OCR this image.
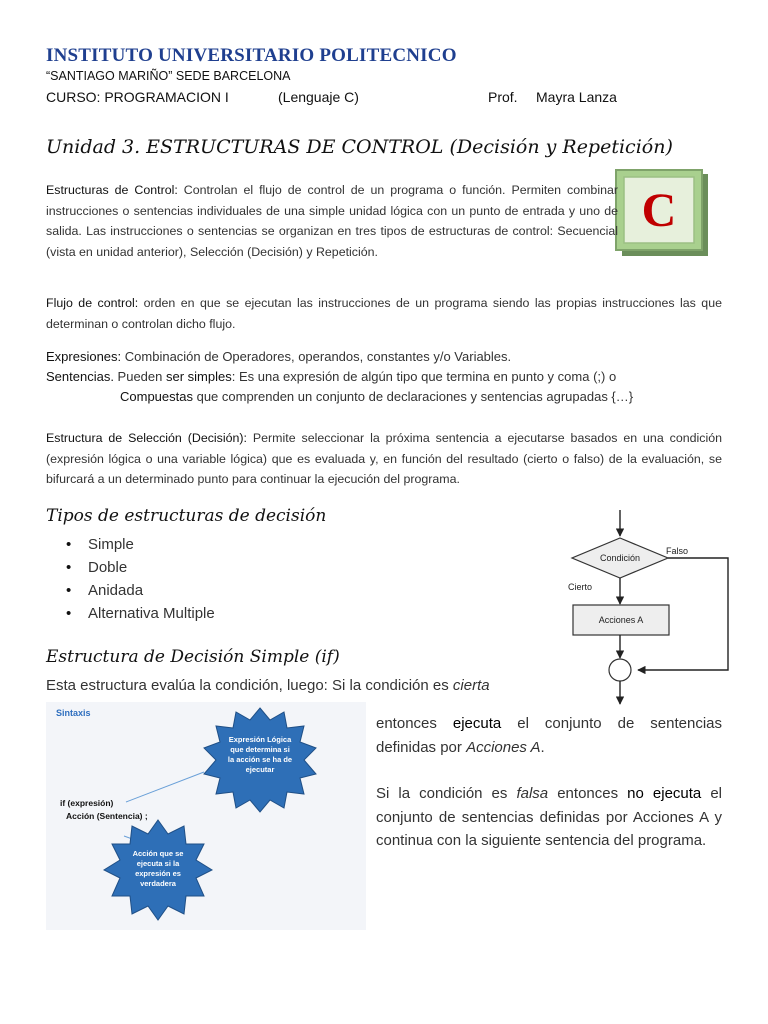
INSTITUTO UNIVERSITARIO POLITECNICO
“SANTIAGO MARIÑO” SEDE BARCELONA
CURSO: PROGRAMACION I	(Lenguaje C)	Prof. Mayra Lanza
Unidad 3. ESTRUCTURAS DE CONTROL (Decisión y Repetición)
C
Estructuras de Control: Controlan el flujo de control de un programa o función. Permiten combinar instrucciones o sentencias individuales de una simple unidad lógica con un punto de entrada y uno de salida. Las instrucciones o sentencias se organizan en tres tipos de estructuras de control: Secuencial (vista en unidad anterior), Selección (Decisión) y Repetición.
Flujo de control: orden en que se ejecutan las instrucciones de un programa siendo las propias instrucciones las que determinan o controlan dicho flujo.
Expresiones: Combinación de Operadores, operandos, constantes y/o Variables.
Sentencias. Pueden ser simples: Es una expresión de algún tipo que termina en punto y coma (;) o
Compuestas que comprenden un conjunto de declaraciones y sentencias agrupadas {…}
Estructura de Selección (Decisión): Permite seleccionar la próxima sentencia a ejecutarse basados en una condición (expresión lógica o una variable lógica) que es evaluada y, en función del resultado (cierto o falso) de la evaluación, se bifurcará a un determinado punto para continuar la ejecución del programa.
Tipos de estructuras de decisión
• Simple
• Doble
• Anidada
• Alternativa Multiple
Condición
Falso
Cierto
Acciones A
Estructura de Decisión Simple (if)
Esta estructura evalúa la condición, luego: Si la condición es cierta
Sintaxis
Expresión Lógica
que determina si
la acción se ha de
ejecutar
if (expresión)
Acción (Sentencia) ;
Acción que se
ejecuta si la
expresión es
verdadera
entonces ejecuta el conjunto de sentencias definidas por Acciones A.
Si la condición es falsa entonces no ejecuta el conjunto de sentencias definidas por Acciones A y continua con la siguiente sentencia del programa.
